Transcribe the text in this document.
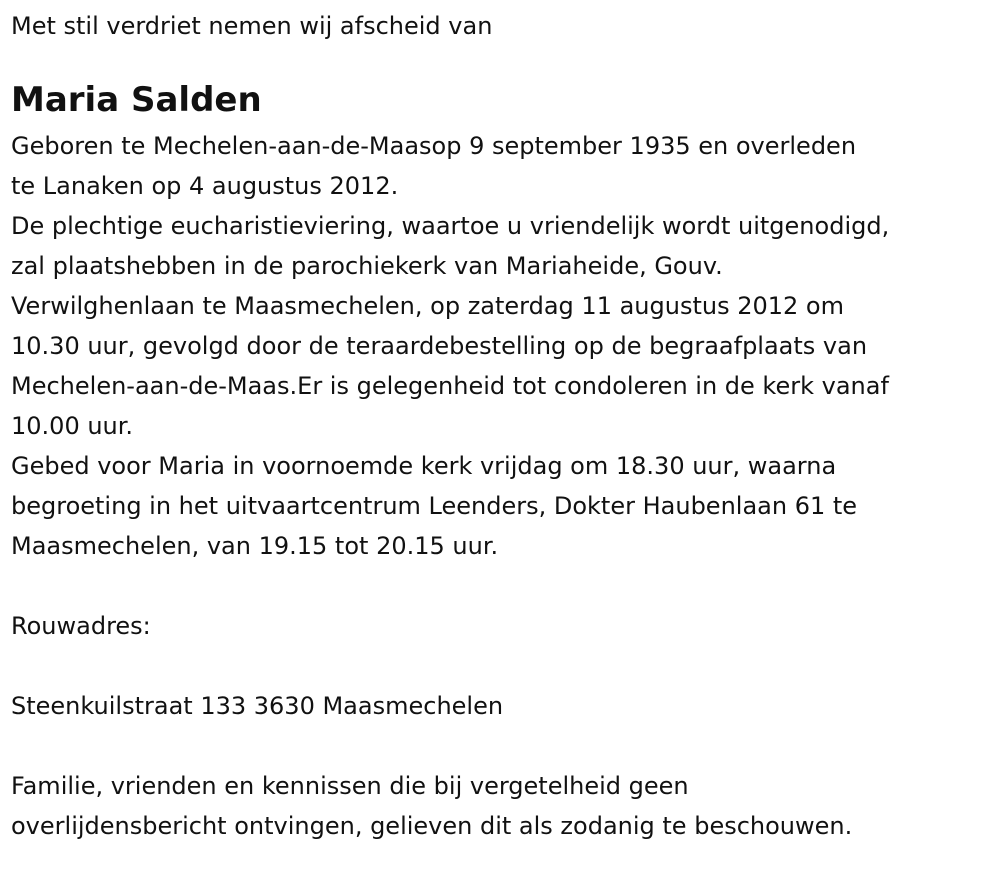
Met stil verdriet nemen wij afscheid van
Maria Salden
Geboren te Mechelen-aan-de-Maasop 9 september 1935 en overleden
te Lanaken op 4 augustus 2012.
De plechtige eucharistieviering, waartoe u vriendelijk wordt uitgenodigd,
zal plaatshebben in de parochiekerk van Mariaheide, Gouv.
Verwilghenlaan te Maasmechelen, op zaterdag 11 augustus 2012 om
10.30 uur, gevolgd door de teraardebestelling op de begraafplaats van
Mechelen-aan-de-Maas.Er is gelegenheid tot condoleren in de kerk vanaf
10.00 uur.
Gebed voor Maria in voornoemde kerk vrijdag om 18.30 uur, waarna
begroeting in het uitvaartcentrum Leenders, Dokter Haubenlaan 61 te
Maasmechelen, van 19.15 tot 20.15 uur.
Rouwadres:
Steenkuilstraat 133 3630 Maasmechelen
Familie, vrienden en kennissen die bij vergetelheid geen
overlijdensbericht ontvingen, gelieven dit als zodanig te beschouwen.
